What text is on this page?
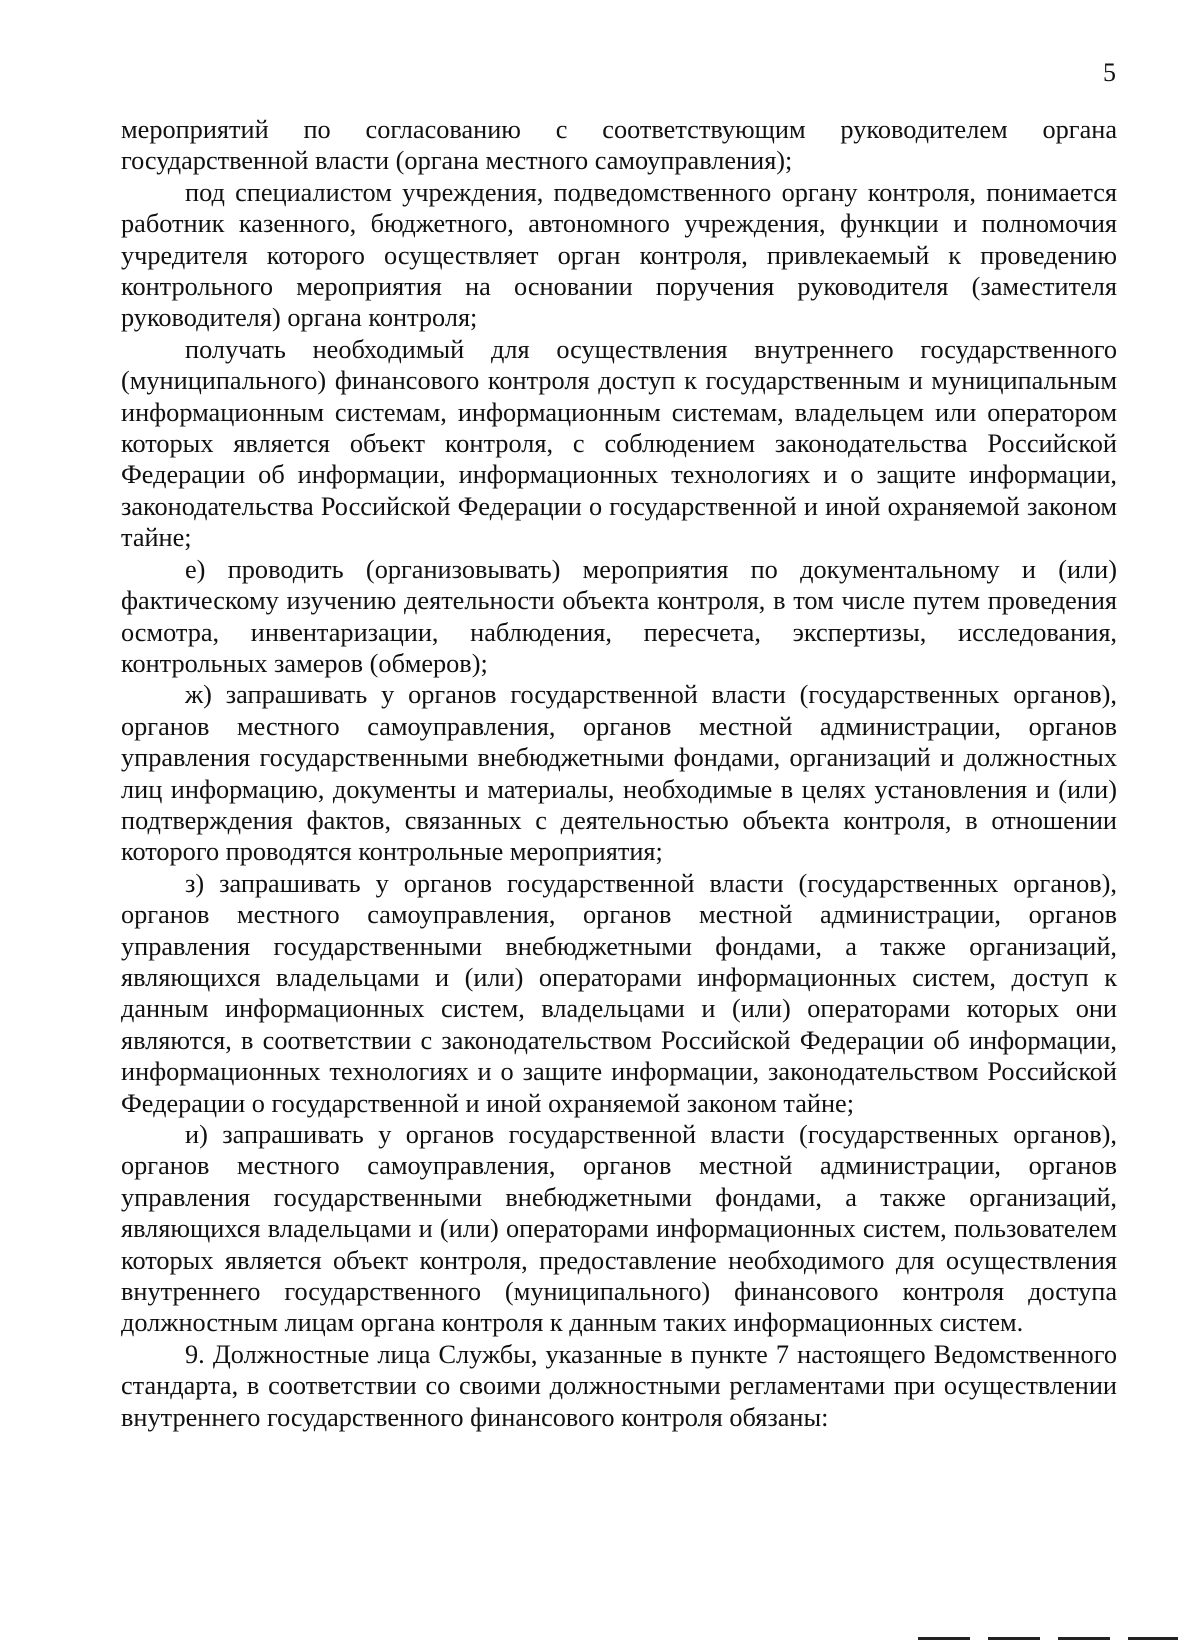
5

мероприятий по согласованию с соответствующим руководителем органа государственной власти (органа местного самоуправления);

под специалистом учреждения, подведомственного органу контроля, понимается работник казенного, бюджетного, автономного учреждения, функции и полномочия учредителя которого осуществляет орган контроля, привлекаемый к проведению контрольного мероприятия на основании поручения руководителя (заместителя руководителя) органа контроля;

получать необходимый для осуществления внутреннего государственного (муниципального) финансового контроля доступ к государственным и муниципальным информационным системам, информационным системам, владельцем или оператором которых является объект контроля, с соблюдением законодательства Российской Федерации об информации, информационных технологиях и о защите информации, законодательства Российской Федерации о государственной и иной охраняемой законом тайне;

е) проводить (организовывать) мероприятия по документальному и (или) фактическому изучению деятельности объекта контроля, в том числе путем проведения осмотра, инвентаризации, наблюдения, пересчета, экспертизы, исследования, контрольных замеров (обмеров);

ж) запрашивать у органов государственной власти (государственных органов), органов местного самоуправления, органов местной администрации, органов управления государственными внебюджетными фондами, организаций и должностных лиц информацию, документы и материалы, необходимые в целях установления и (или) подтверждения фактов, связанных с деятельностью объекта контроля, в отношении которого проводятся контрольные мероприятия;

з) запрашивать у органов государственной власти (государственных органов), органов местного самоуправления, органов местной администрации, органов управления государственными внебюджетными фондами, а также организаций, являющихся владельцами и (или) операторами информационных систем, доступ к данным информационных систем, владельцами и (или) операторами которых они являются, в соответствии с законодательством Российской Федерации об информации, информационных технологиях и о защите информации, законодательством Российской Федерации о государственной и иной охраняемой законом тайне;

и) запрашивать у органов государственной власти (государственных органов), органов местного самоуправления, органов местной администрации, органов управления государственными внебюджетными фондами, а также организаций, являющихся владельцами и (или) операторами информационных систем, пользователем которых является объект контроля, предоставление необходимого для осуществления внутреннего государственного (муниципального) финансового контроля доступа должностным лицам органа контроля к данным таких информационных систем.

9. Должностные лица Службы, указанные в пункте 7 настоящего Ведомственного стандарта, в соответствии со своими должностными регламентами при осуществлении внутреннего государственного финансового контроля обязаны:
